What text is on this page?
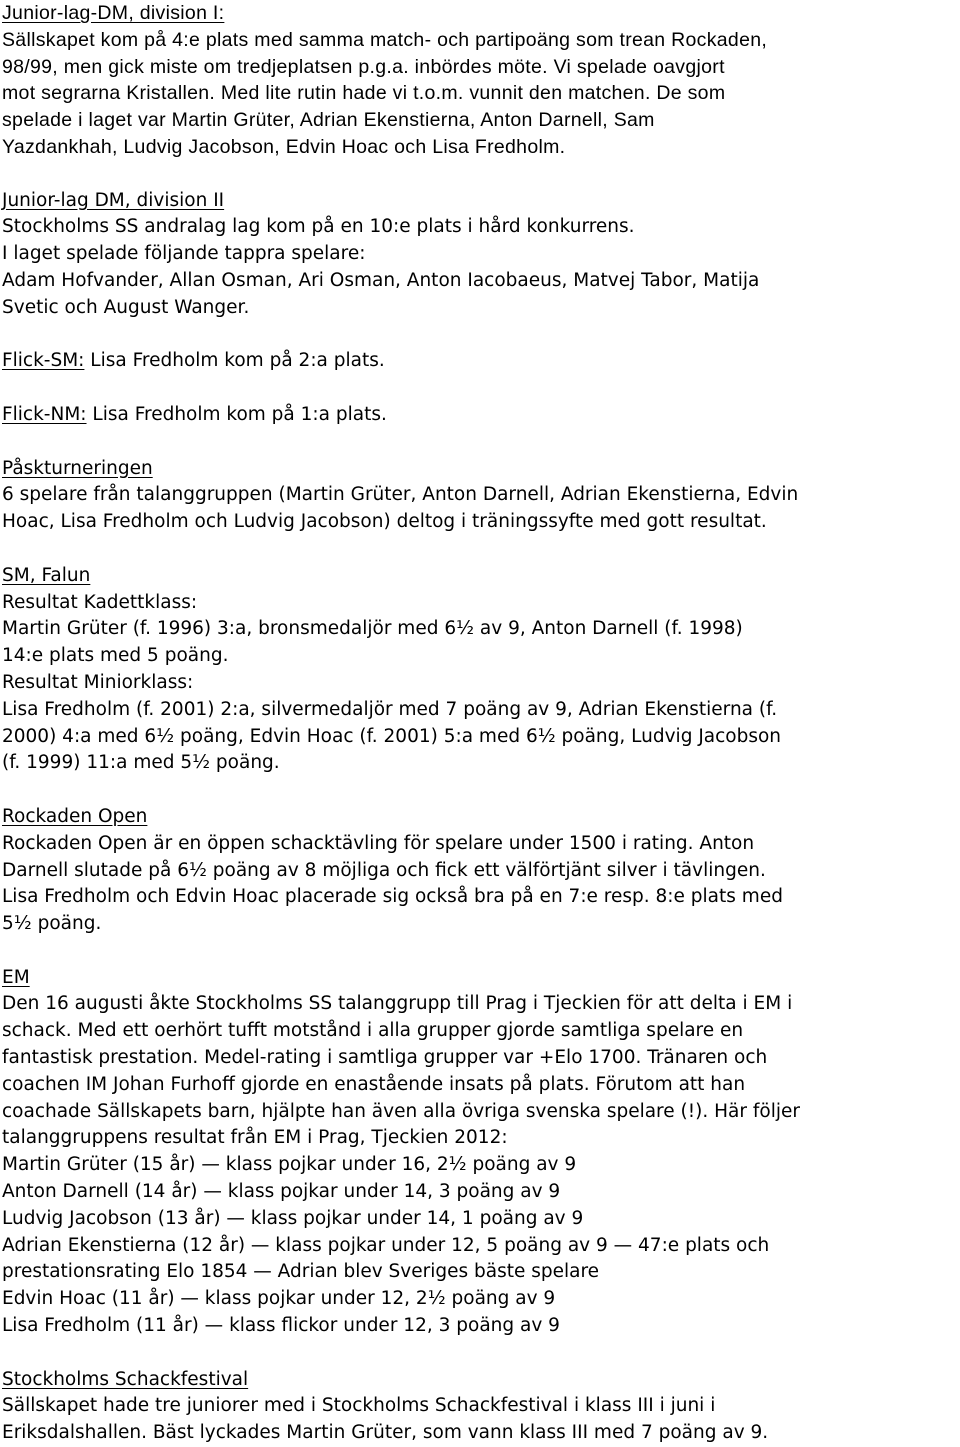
Junior-lag-DM, division I:
Sällskapet kom på 4:e plats med samma match- och partipoäng som trean Rockaden,
98/99, men gick miste om tredjeplatsen p.g.a. inbördes möte. Vi spelade oavgjort
mot segrarna Kristallen. Med lite rutin hade vi t.o.m. vunnit den matchen. De som
spelade i laget var Martin Grüter, Adrian Ekenstierna, Anton Darnell, Sam
Yazdankhah, Ludvig Jacobson, Edvin Hoac och Lisa Fredholm.
Junior-lag DM, division II
Stockholms SS andralag lag kom på en 10:e plats i hård konkurrens.
I laget spelade följande tappra spelare:
Adam Hofvander, Allan Osman, Ari Osman, Anton Iacobaeus, Matvej Tabor, Matija
Svetic och August Wanger.
Flick-SM: Lisa Fredholm kom på 2:a plats.
Flick-NM: Lisa Fredholm kom på 1:a plats.
Påskturneringen
6 spelare från talanggruppen (Martin Grüter, Anton Darnell, Adrian Ekenstierna, Edvin
Hoac, Lisa Fredholm och Ludvig Jacobson) deltog i träningssyfte med gott resultat.
SM, Falun
Resultat Kadettklass:
Martin Grüter (f. 1996) 3:a, bronsmedaljör med 6½ av 9, Anton Darnell (f. 1998)
14:e plats med 5 poäng.
Resultat Miniorklass:
Lisa Fredholm (f. 2001) 2:a, silvermedaljör med 7 poäng av 9, Adrian Ekenstierna (f.
2000) 4:a med 6½ poäng, Edvin Hoac (f. 2001) 5:a med 6½ poäng, Ludvig Jacobson
(f. 1999) 11:a med 5½ poäng.
Rockaden Open
Rockaden Open är en öppen schacktävling för spelare under 1500 i rating. Anton
Darnell slutade på 6½ poäng av 8 möjliga och fick ett välförtjänt silver i tävlingen.
Lisa Fredholm och Edvin Hoac placerade sig också bra på en 7:e resp. 8:e plats med
5½ poäng.
EM
Den 16 augusti åkte Stockholms SS talanggrupp till Prag i Tjeckien för att delta i EM i
schack. Med ett oerhört tufft motstånd i alla grupper gjorde samtliga spelare en
fantastisk prestation. Medel-rating i samtliga grupper var +Elo 1700. Tränaren och
coachen IM Johan Furhoff gjorde en enastående insats på plats. Förutom att han
coachade Sällskapets barn, hjälpte han även alla övriga svenska spelare (!). Här följer
talanggruppens resultat från EM i Prag, Tjeckien 2012:
Martin Grüter (15 år) — klass pojkar under 16, 2½ poäng av 9
Anton Darnell (14 år) — klass pojkar under 14, 3 poäng av 9
Ludvig Jacobson (13 år) — klass pojkar under 14, 1 poäng av 9
Adrian Ekenstierna (12 år) — klass pojkar under 12, 5 poäng av 9 — 47:e plats och
prestationsrating Elo 1854 — Adrian blev Sveriges bäste spelare
Edvin Hoac (11 år) — klass pojkar under 12, 2½ poäng av 9
Lisa Fredholm (11 år) — klass flickor under 12, 3 poäng av 9
Stockholms Schackfestival
Sällskapet hade tre juniorer med i Stockholms Schackfestival i klass III i juni i
Eriksdalshallen. Bäst lyckades Martin Grüter, som vann klass III med 7 poäng av 9.
